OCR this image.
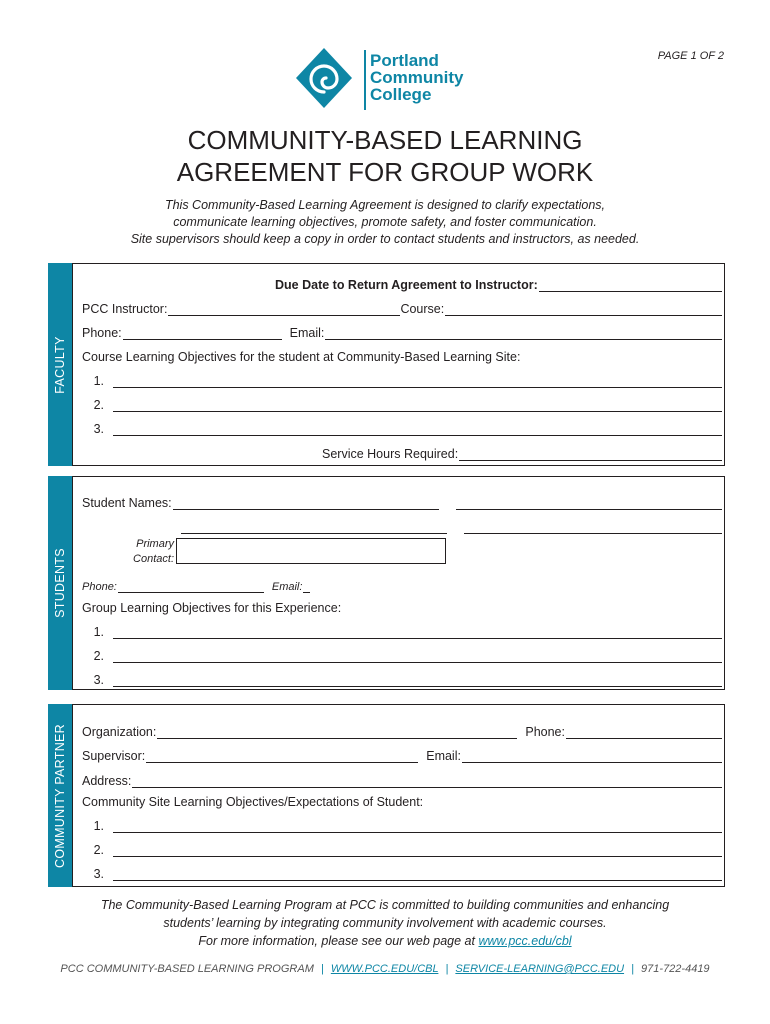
PAGE 1 OF 2
Portland
Community
College
COMMUNITY-BASED LEARNING
AGREEMENT FOR GROUP WORK
This Community-Based Learning Agreement is designed to clarify expectations,
communicate learning objectives, promote safety, and foster communication.
Site supervisors should keep a copy in order to contact students and instructors, as needed.
FACULTY
Due Date to Return Agreement to Instructor:
PCC Instructor:	Course:
Phone:	Email:
Course Learning Objectives for the student at Community-Based Learning Site:
1.
2.
3.
Service Hours Required:
STUDENTS
Student Names:
Primary
Contact:
Phone:	Email:
Group Learning Objectives for this Experience:
1.
2.
3.
COMMUNITY PARTNER Organization:	Phone:
Supervisor:	Email:
Address:
Community Site Learning Objectives/Expectations of Student:
1.
2.
3.
The Community-Based Learning Program at PCC is committed to building communities and enhancing
students’ learning by integrating community involvement with academic courses.
For more information, please see our web page at www.pcc.edu/cbl
PCC COMMUNITY-BASED LEARNING PROGRAM | WWW.PCC.EDU/CBL | SERVICE-LEARNING@PCC.EDU | 971-722-4419
